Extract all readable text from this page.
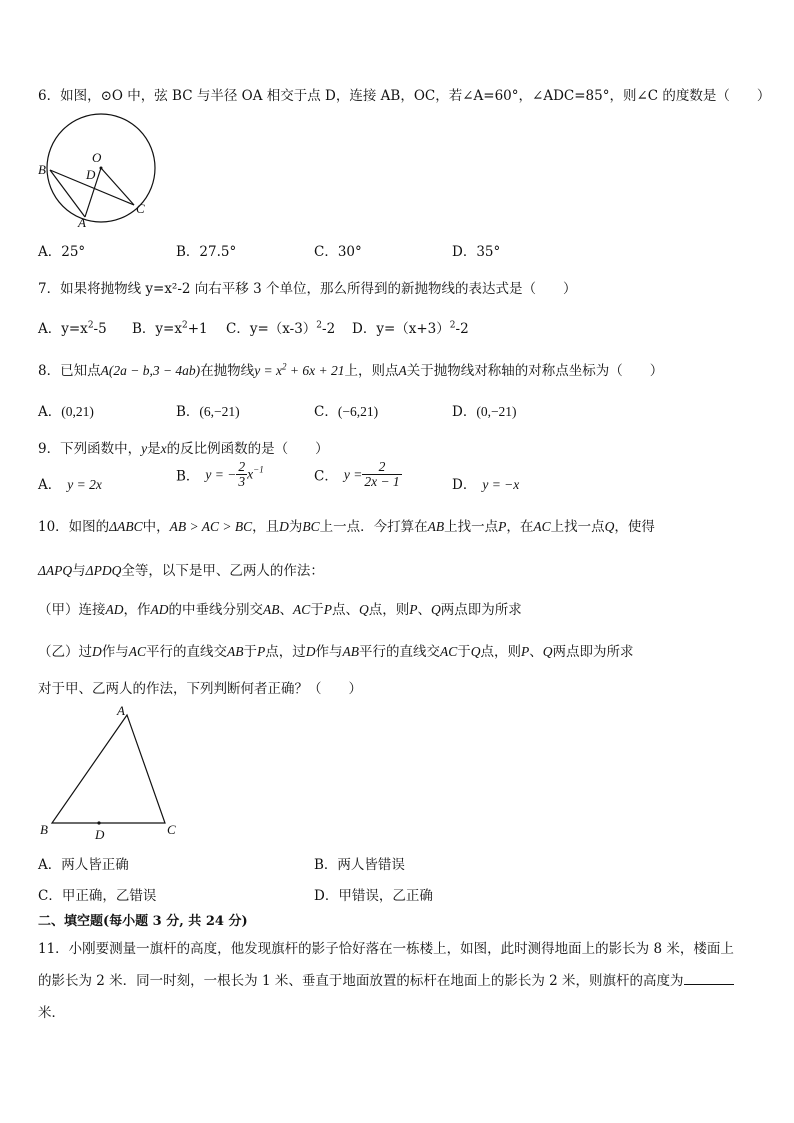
6．如图，⊙O 中，弦 BC 与半径 OA 相交于点 D，连接 AB，OC，若∠A=60°，∠ADC=85°，则∠C 的度数是（　　）
O
D
B
A
C
A．25°	B．27.5°	C．30°	D．35°
7．如果将抛物线 y=x²-2 向右平移 3 个单位，那么所得到的新抛物线的表达式是（　　）
A．$y=x^2-5$ B．$y=x^2+1$ C．$y=(x-3)^2-2$ D．$y=(x+3)^2-2$
8．已知点A(2a − b,3 − 4ab)在抛物线$y = x^2 + 6x + 21$上，则点A关于抛物线对称轴的对称点坐标为（　　）
A．(0,21)	B．(6,−21)	C．(−6,21)	D．(0,−21)
9．下列函数中，y是x的反比例函数的是（　　）
A． y = 2x	B． y = − $\frac{2}{3} x^{-1}$	C． $y = \frac{2}{2x - 1}$	D． y = −x
10．如图的ΔABC中，AB > AC > BC，且D为BC上一点．今打算在AB上找一点P，在AC上找一点Q，使得
ΔAPQ与ΔPDQ全等，以下是甲、乙两人的作法：
（甲）连接AD，作AD的中垂线分别交AB、AC于P点、Q点，则P、Q两点即为所求
（乙）过D作与AC平行的直线交AB于P点，过D作与AB平行的直线交AC于Q点，则P、Q两点即为所求
对于甲、乙两人的作法，下列判断何者正确？（　　）
A
B	C
D
A．两人皆正确	B．两人皆错误
C．甲正确，乙错误	D．甲错误，乙正确
二、填空题(每小题 3 分, 共 24 分)
11．小刚要测量一旗杆的高度，他发现旗杆的影子恰好落在一栋楼上，如图，此时测得地面上的影长为 8 米，楼面上
的影长为 2 米．同一时刻，一根长为 1 米、垂直于地面放置的标杆在地面上的影长为 2 米，则旗杆的高度为
米．
